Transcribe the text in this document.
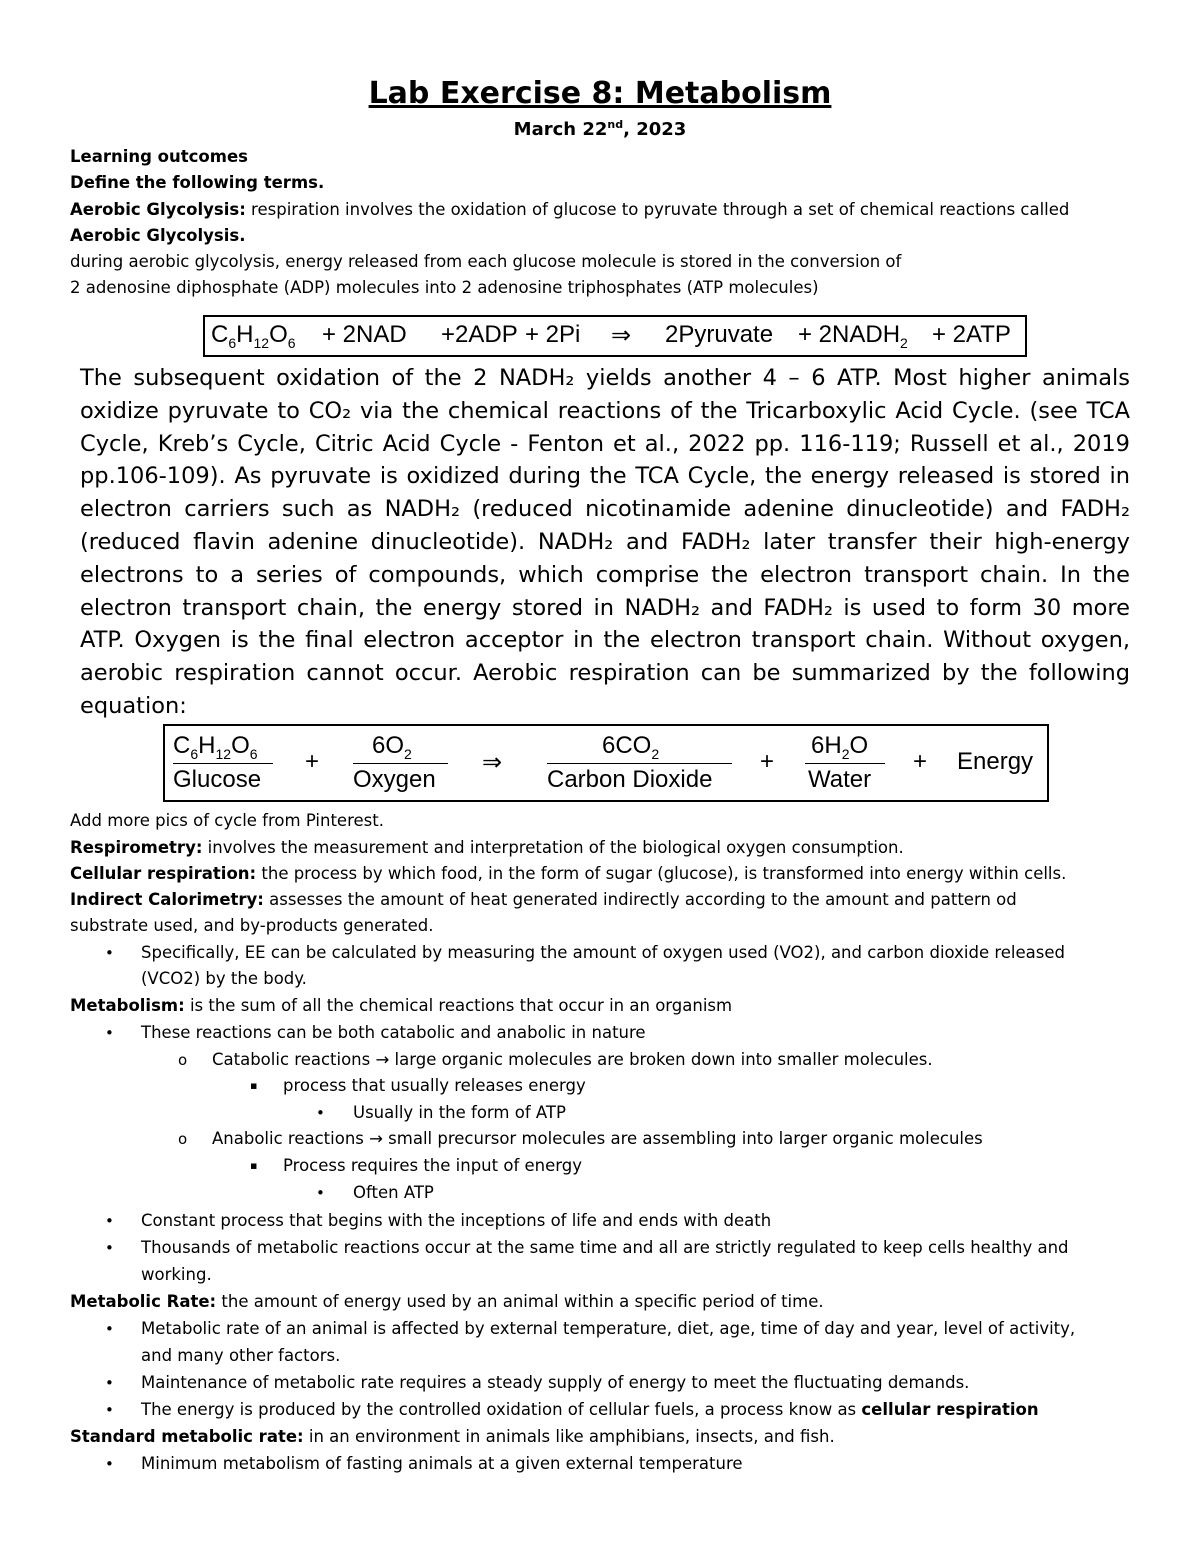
Lab Exercise 8: Metabolism
March 22nd, 2023
Learning outcomes
Define the following terms.
Aerobic Glycolysis: respiration involves the oxidation of glucose to pyruvate through a set of chemical reactions called
Aerobic Glycolysis.
during aerobic glycolysis, energy released from each glucose molecule is stored in the conversion of
2 adenosine diphosphate (ADP) molecules into 2 adenosine triphosphates (ATP molecules)
$C_6H_{12}O_6 + 2NAD +2ADP + 2Pi$ ⇒ 2Pyruvate + $2NADH_2 + 2ATP$
The subsequent oxidation of the 2 NADH₂ yields another 4 – 6 ATP. Most higher animals oxidize pyruvate to CO₂ via the chemical reactions of the Tricarboxylic Acid Cycle. (see TCA Cycle, Kreb’s Cycle, Citric Acid Cycle - Fenton et al., 2022 pp. 116-119; Russell et al., 2019 pp.106-109). As pyruvate is oxidized during the TCA Cycle, the energy released is stored in electron carriers such as NADH₂ (reduced nicotinamide adenine dinucleotide) and FADH₂ (reduced flavin adenine dinucleotide). NADH₂ and FADH₂ later transfer their high-energy electrons to a series of compounds, which comprise the electron transport chain. In the electron transport chain, the energy stored in NADH₂ and FADH₂ is used to form 30 more ATP. Oxygen is the final electron acceptor in the electron transport chain. Without oxygen, aerobic respiration cannot occur. Aerobic respiration can be summarized by the following equation:
$C_6H_{12}O_6$
Glucose
+
$6O_2$
Oxygen
⇒
$6CO_2$
Carbon Dioxide
+
$6H_2O$
Water
+ Energy
Add more pics of cycle from Pinterest.
Respirometry: involves the measurement and interpretation of the biological oxygen consumption.
Cellular respiration: the process by which food, in the form of sugar (glucose), is transformed into energy within cells.
Indirect Calorimetry: assesses the amount of heat generated indirectly according to the amount and pattern od
substrate used, and by-products generated.
• Specifically, EE can be calculated by measuring the amount of oxygen used (VO2), and carbon dioxide released
(VCO2) by the body.
Metabolism: is the sum of all the chemical reactions that occur in an organism
• These reactions can be both catabolic and anabolic in nature
o Catabolic reactions → large organic molecules are broken down into smaller molecules.
▪ process that usually releases energy
• Usually in the form of ATP
o Anabolic reactions → small precursor molecules are assembling into larger organic molecules
▪ Process requires the input of energy
• Often ATP
• Constant process that begins with the inceptions of life and ends with death
• Thousands of metabolic reactions occur at the same time and all are strictly regulated to keep cells healthy and
working.
Metabolic Rate: the amount of energy used by an animal within a specific period of time.
• Metabolic rate of an animal is affected by external temperature, diet, age, time of day and year, level of activity,
and many other factors.
• Maintenance of metabolic rate requires a steady supply of energy to meet the fluctuating demands.
• The energy is produced by the controlled oxidation of cellular fuels, a process know as cellular respiration
Standard metabolic rate: in an environment in animals like amphibians, insects, and fish.
• Minimum metabolism of fasting animals at a given external temperature
